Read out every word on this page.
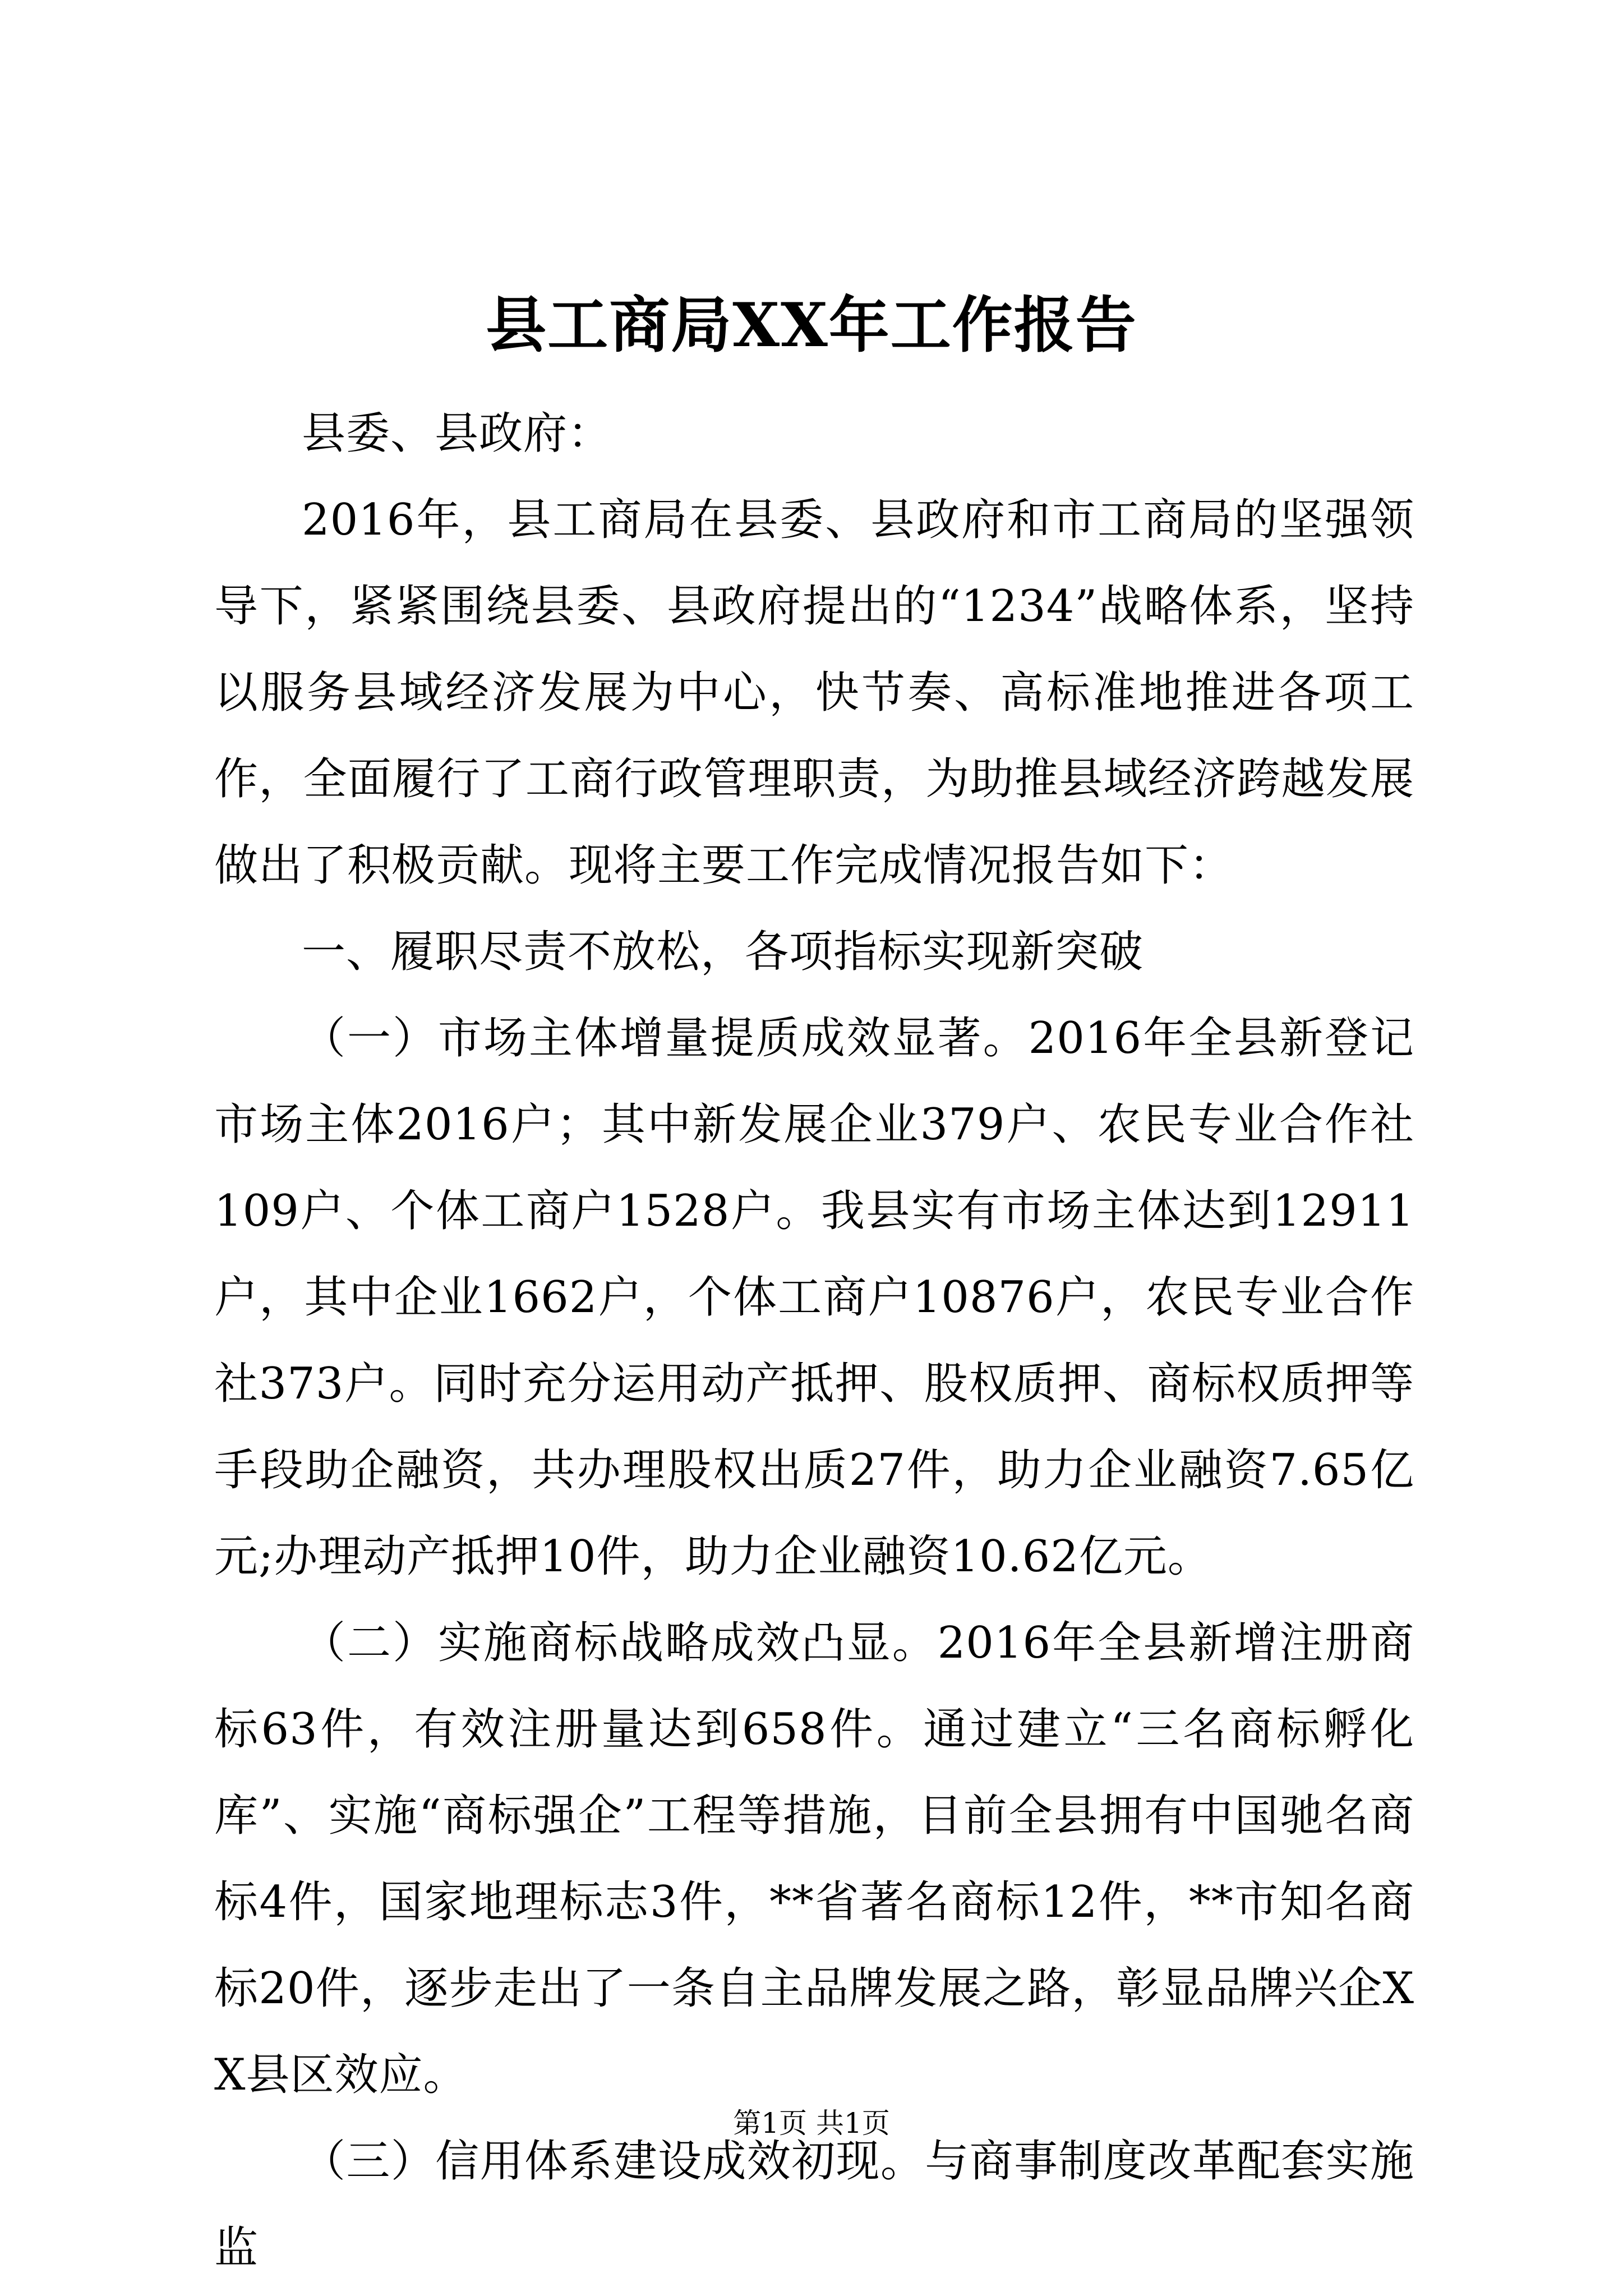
县工商局XX年工作报告

县委、县政府：

2016年，县工商局在县委、县政府和市工商局的坚强领导下，紧紧围绕县委、县政府提出的“1234”战略体系，坚持以服务县域经济发展为中心，快节奏、高标准地推进各项工作，全面履行了工商行政管理职责，为助推县域经济跨越发展做出了积极贡献。现将主要工作完成情况报告如下：

一、履职尽责不放松，各项指标实现新突破

（一）市场主体增量提质成效显著。2016年全县新登记市场主体2016户；其中新发展企业379户、农民专业合作社109户、个体工商户1528户。我县实有市场主体达到12911户，其中企业1662户，个体工商户10876户，农民专业合作社373户。同时充分运用动产抵押、股权质押、商标权质押等手段助企融资，共办理股权出质27件，助力企业融资7.65亿元;办理动产抵押10件，助力企业融资10.62亿元。

（二）实施商标战略成效凸显。2016年全县新增注册商标63件，有效注册量达到658件。通过建立“三名商标孵化库”、实施“商标强企”工程等措施，目前全县拥有中国驰名商标4件，国家地理标志3件，**省著名商标12件，**市知名商标20件，逐步走出了一条自主品牌发展之路，彰显品牌兴企XX县区效应。

（三）信用体系建设成效初现。与商事制度改革配套实施监

第1页 共1页
